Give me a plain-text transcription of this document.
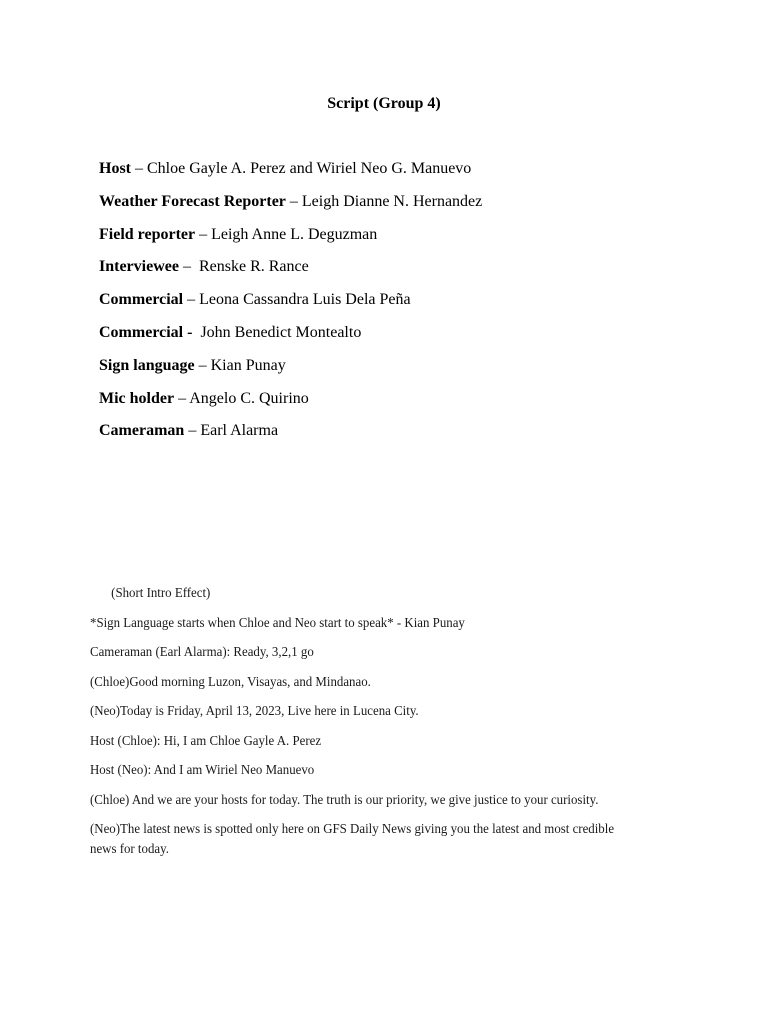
Script (Group 4)
Host – Chloe Gayle A. Perez and Wiriel Neo G. Manuevo
Weather Forecast Reporter – Leigh Dianne N. Hernandez
Field reporter – Leigh Anne L. Deguzman
Interviewee –  Renske R. Rance
Commercial – Leona Cassandra Luis Dela Peña
Commercial - John Benedict Montealto
Sign language – Kian Punay
Mic holder – Angelo C. Quirino
Cameraman – Earl Alarma

(Short Intro Effect)

*Sign Language starts when Chloe and Neo start to speak* - Kian Punay

Cameraman (Earl Alarma): Ready, 3,2,1 go

(Chloe)Good morning Luzon, Visayas, and Mindanao.

(Neo)Today is Friday, April 13, 2023, Live here in Lucena City.

Host (Chloe): Hi, I am Chloe Gayle A. Perez

Host (Neo): And I am Wiriel Neo Manuevo

(Chloe) And we are your hosts for today. The truth is our priority, we give justice to your curiosity.

(Neo)The latest news is spotted only here on GFS Daily News giving you the latest and most credible news for today.
